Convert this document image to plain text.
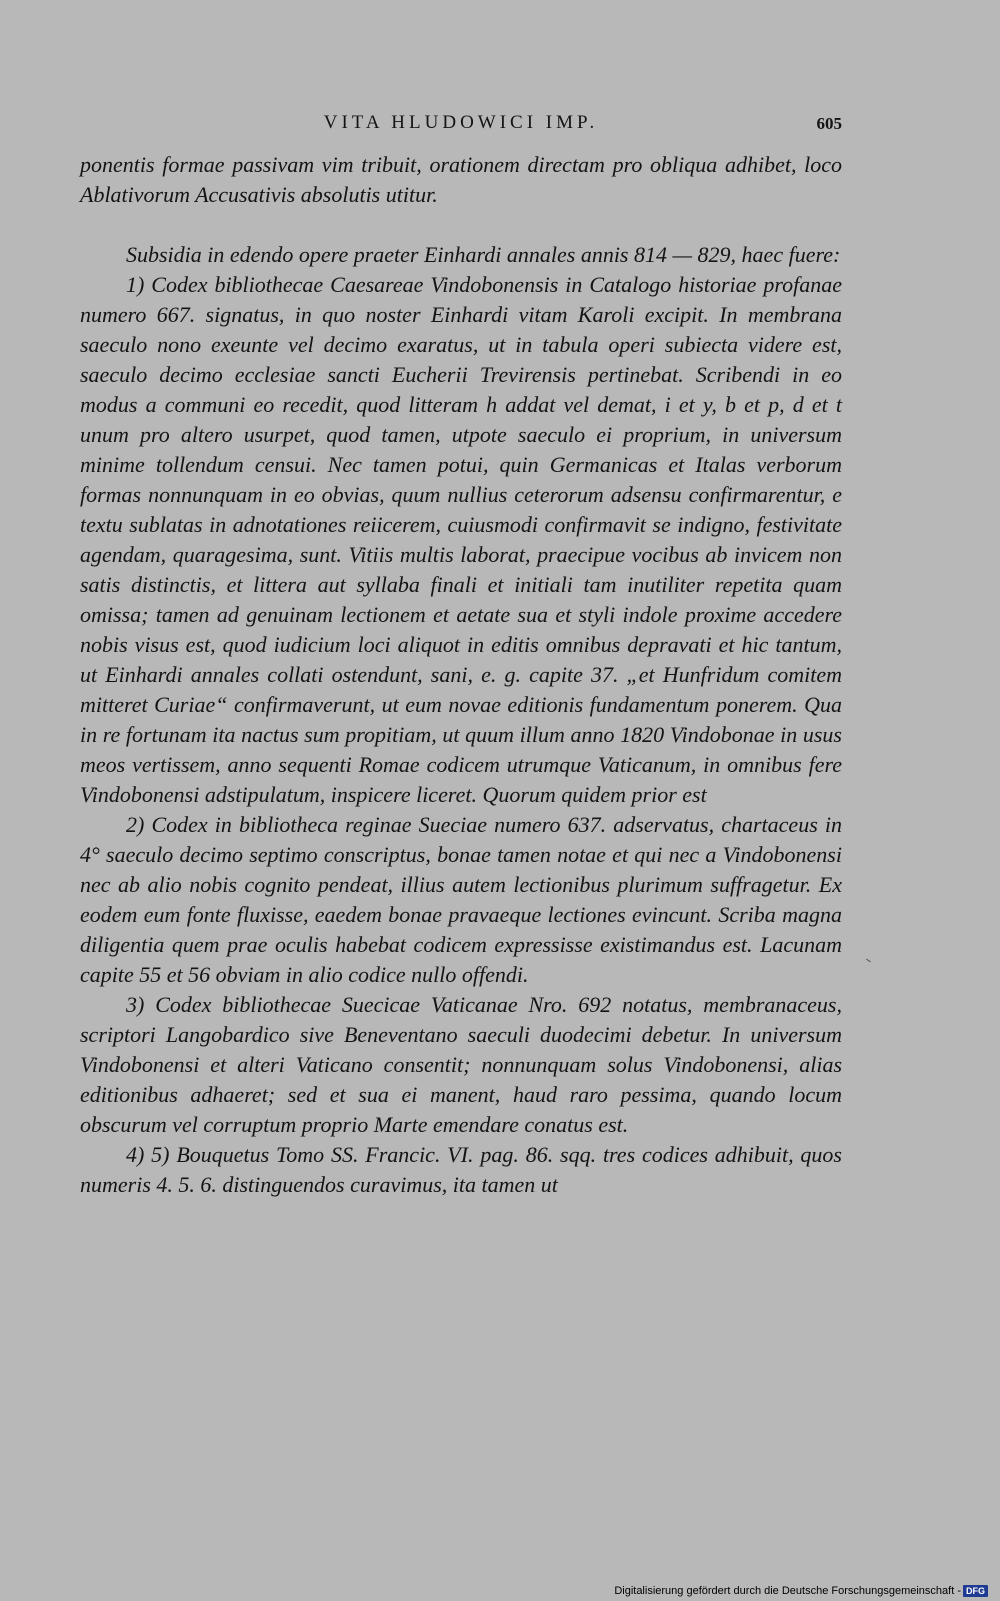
VITA HLUDOWICI IMP.	605

ponentis formae passivam vim tribuit, orationem directam pro obliqua adhibet, loco Ablativorum Accusativis absolutis utitur.

Subsidia in edendo opere praeter Einhardi annales annis 814 — 829, haec fuere:

1) Codex bibliothecae Caesareae Vindobonensis in Catalogo historiae profanae numero 667. signatus, in quo noster Einhardi vitam Karoli excipit. In membrana saeculo nono exeunte vel decimo exaratus, ut in tabula operi subiecta videre est, saeculo decimo ecclesiae sancti Eucherii Trevirensis pertinebat. Scribendi in eo modus a communi eo recedit, quod litteram h addat vel demat, i et y, b et p, d et t unum pro altero usurpet, quod tamen, utpote saeculo ei proprium, in universum minime tollendum censui. Nec tamen potui, quin Germanicas et Italas verborum formas nonnunquam in eo obvias, quum nullius ceterorum adsensu confirmarentur, e textu sublatas in adnotationes reiicerem, cuiusmodi confirmavit se indigno, festivitate agendam, quaragesima, sunt. Vitiis multis laborat, praecipue vocibus ab invicem non satis distinctis, et littera aut syllaba finali et initiali tam inutiliter repetita quam omissa; tamen ad genuinam lectionem et aetate sua et styli indole proxime accedere nobis visus est, quod iudicium loci aliquot in editis omnibus depravati et hic tantum, ut Einhardi annales collati ostendunt, sani, e. g. capite 37. „et Hunfridum comitem mitteret Curiae“ confirmaverunt, ut eum novae editionis fundamentum ponerem. Qua in re fortunam ita nactus sum propitiam, ut quum illum anno 1820 Vindobonae in usus meos vertissem, anno sequenti Romae codicem utrumque Vaticanum, in omnibus fere Vindobonensi adstipulatum, inspicere liceret. Quorum quidem prior est

2) Codex in bibliotheca reginae Sueciae numero 637. adservatus, chartaceus in 4° saeculo decimo septimo conscriptus, bonae tamen notae et qui nec a Vindobonensi nec ab alio nobis cognito pendeat, illius autem lectionibus plurimum suffragetur. Ex eodem eum fonte fluxisse, eaedem bonae pravaeque lectiones evincunt. Scriba magna diligentia quem prae oculis habebat codicem expressisse existimandus est. Lacunam capite 55 et 56 obviam in alio codice nullo offendi.

3) Codex bibliothecae Suecicae Vaticanae Nro. 692 notatus, membranaceus, scriptori Langobardico sive Beneventano saeculi duodecimi debetur. In universum Vindobonensi et alteri Vaticano consentit; nonnunquam solus Vindobonensi, alias editionibus adhaeret; sed et sua ei manent, haud raro pessima, quando locum obscurum vel corruptum proprio Marte emendare conatus est.

4) 5) Bouquetus Tomo SS. Francic. VI. pag. 86. sqq. tres codices adhibuit, quos numeris 4. 5. 6. distinguendos curavimus, ita tamen ut

Digitalisierung gefördert durch die Deutsche Forschungsgemeinschaft - DFG
